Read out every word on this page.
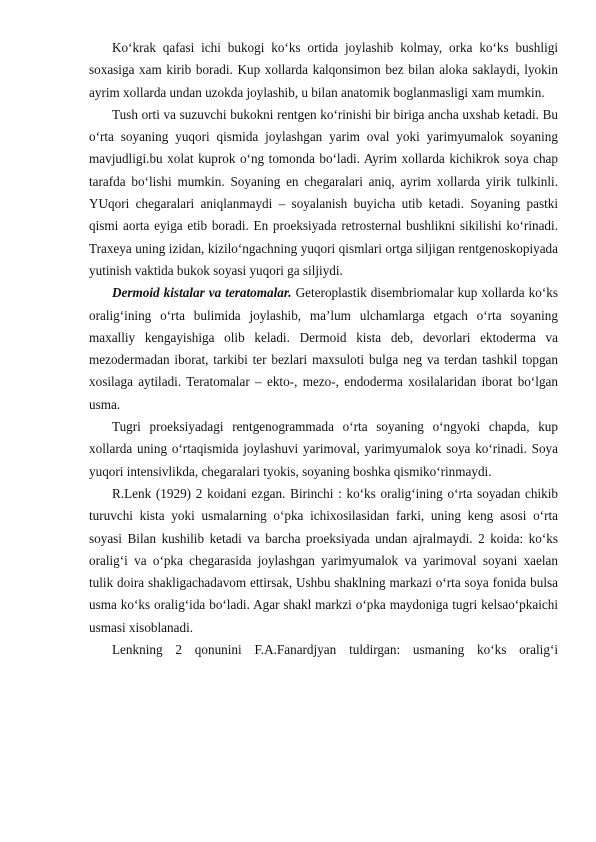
Ko‘krak qafasi ichi bukogi ko‘ks ortida joylashib kolmay, orka ko‘ks bushligi soxasiga xam kirib boradi. Kup xollarda kalqonsimon bez bilan aloka saklaydi, lyokin ayrim xollarda undan uzokda joylashib, u bilan anatomik boglanmasligi xam mumkin.

Tush orti va suzuvchi bukokni rentgen ko‘rinishi bir biriga ancha uxshab ketadi. Bu o‘rta soyaning yuqori qismida joylashgan yarim oval yoki yarimyumalok soyaning mavjudligi.bu xolat kuprok o‘ng tomonda bo‘ladi. Ayrim xollarda kichikrok soya chap tarafda bo‘lishi mumkin. Soyaning en chegaralari aniq, ayrim xollarda yirik tulkinli. YUqori chegaralari aniqlanmaydi – soyalanish buyicha utib ketadi. Soyaning pastki qismi aorta eyiga etib boradi. En proeksiyada retrosternal bushlikni sikilishi ko‘rinadi. Traxeya uning izidan, kizilo‘ngachning yuqori qismlari ortga siljigan rentgenoskopiyada yutinish vaktida bukok soyasi yuqori ga siljiydi.

Dermoid kistalar va teratomalar. Geteroplastik disembriomalar kup xollarda ko‘ks oralig‘ining o‘rta bulimida joylashib, ma’lum ulchamlarga etgach o‘rta soyaning maxalliy kengayishiga olib keladi. Dermoid kista deb, devorlari ektoderma va mezodermadan iborat, tarkibi ter bezlari maxsuloti bulga neg va terdan tashkil topgan xosilaga aytiladi. Teratomalar – ekto-, mezo-, endoderma xosilalaridan iborat bo‘lgan usma.

Tugri proeksiyadagi rentgenogrammada o‘rta soyaning o‘ngyoki chapda, kup xollarda uning o‘rtaqismida joylashuvi yarimoval, yarimyumalok soya ko‘rinadi. Soya yuqori intensivlikda, chegaralari tyokis, soyaning boshka qismiko‘rinmaydi.

R.Lenk (1929) 2 koidani ezgan. Birinchi : ko‘ks oralig‘ining o‘rta soyadan chikib turuvchi kista yoki usmalarning o‘pka ichixosilasidan farki, uning keng asosi o‘rta soyasi Bilan kushilib ketadi va barcha proeksiyada undan ajralmaydi. 2 koida: ko‘ks oralig‘i va o‘pka chegarasida joylashgan yarimyumalok va yarimoval soyani xaelan tulik doira shakligachadavom ettirsak, Ushbu shaklning markazi o‘rta soya fonida bulsa usma ko‘ks oralig‘ida bo‘ladi. Agar shakl markzi o‘pka maydoniga tugri kelsao‘pkaichi usmasi xisoblanadi.

Lenkning 2 qonunini F.A.Fanardjyan tuldirgan: usmaning ko‘ks oralig‘i
